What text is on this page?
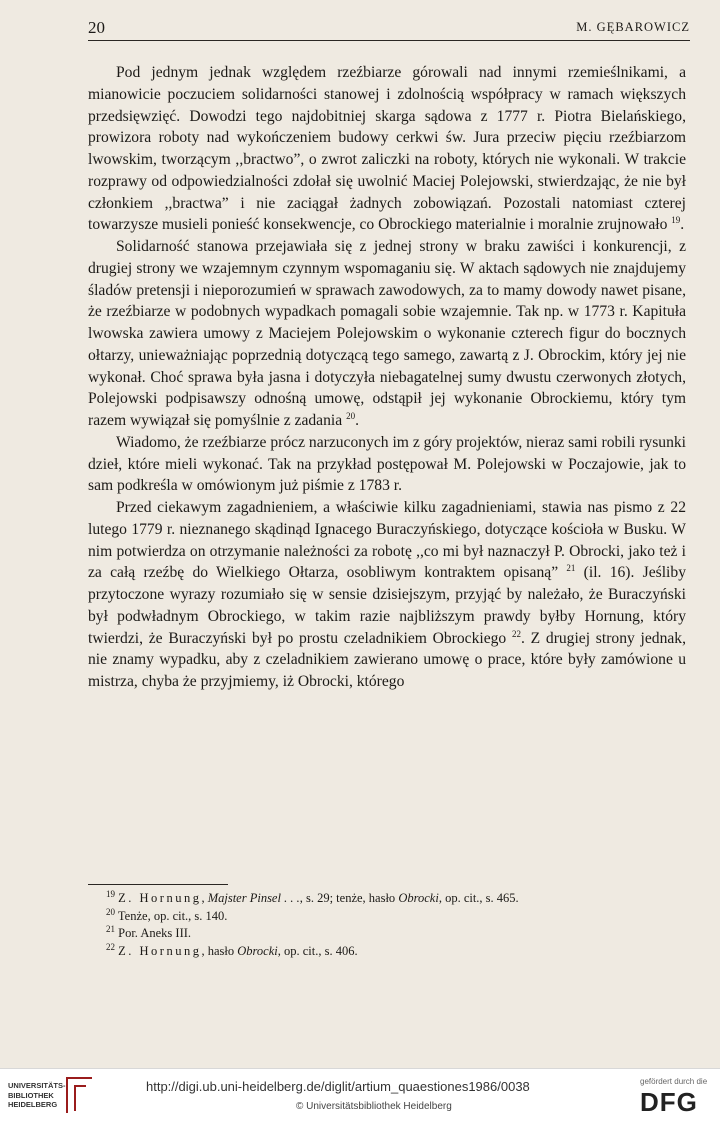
20	M. GĘBAROWICZ

Pod jednym jednak względem rzeźbiarze górowali nad innymi rzemieślnikami, a mianowicie poczuciem solidarności stanowej i zdolnością współpracy w ramach większych przedsięwzięć. Dowodzi tego najdobitniej skarga sądowa z 1777 r. Piotra Bielańskiego, prowizora roboty nad wykończeniem budowy cerkwi św. Jura przeciw pięciu rzeźbiarzom lwowskim, tworzącym ,,bractwo”, o zwrot zaliczki na roboty, których nie wykonali. W trakcie rozprawy od odpowiedzialności zdołał się uwolnić Maciej Polejowski, stwierdzając, że nie był członkiem ,,bractwa” i nie zaciągał żadnych zobowiązań. Pozostali natomiast czterej towarzysze musieli ponieść konsekwencje, co Obrockiego materialnie i moralnie zrujnowało $^{19}$.

Solidarność stanowa przejawiała się z jednej strony w braku zawiści i konkurencji, z drugiej strony we wzajemnym czynnym wspomaganiu się. W aktach sądowych nie znajdujemy śladów pretensji i nieporozumień w sprawach zawodowych, za to mamy dowody nawet pisane, że rzeźbiarze w podobnych wypadkach pomagali sobie wzajemnie. Tak np. w 1773 r. Kapituła lwowska zawiera umowy z Maciejem Polejowskim o wykonanie czterech figur do bocznych ołtarzy, unieważniając poprzednią dotyczącą tego samego, zawartą z J. Obrockim, który jej nie wykonał. Choć sprawa była jasna i dotyczyła niebagatelnej sumy dwustu czerwonych złotych, Polejowski podpisawszy odnośną umowę, odstąpił jej wykonanie Obrockiemu, który tym razem wywiązał się pomyślnie z zadania $^{20}$.

Wiadomo, że rzeźbiarze prócz narzuconych im z góry projektów, nieraz sami robili rysunki dzieł, które mieli wykonać. Tak na przykład postępował M. Polejowski w Poczajowie, jak to sam podkreśla w omówionym już piśmie z 1783 r.

Przed ciekawym zagadnieniem, a właściwie kilku zagadnieniami, stawia nas pismo z 22 lutego 1779 r. nieznanego skądinąd Ignacego Buraczyńskiego, dotyczące kościoła w Busku. W nim potwierdza on otrzymanie należności za robotę ,,co mi był naznaczył P. Obrocki, jako też i za całą rzeźbę do Wielkiego Ołtarza, osobliwym kontraktem opisaną” $^{21}$ (il. 16). Jeśliby przytoczone wyrazy rozumiało się w sensie dzisiejszym, przyjąć by należało, że Buraczyński był podwładnym Obrockiego, w takim razie najbliższym prawdy byłby Hornung, który twierdzi, że Buraczyński był po prostu czeladnikiem Obrockiego $^{22}$. Z drugiej strony jednak, nie znamy wypadku, aby z czeladnikiem zawierano umowę o prace, które były zamówione u mistrza, chyba że przyjmiemy, iż Obrocki, którego

$^{19}$ Z. Hornung, Majster Pinsel . . ., s. 29; tenże, hasło Obrocki, op. cit., s. 465.
$^{20}$ Tenże, op. cit., s. 140.
$^{21}$ Por. Aneks III.
$^{22}$ Z. Hornung, hasło Obrocki, op. cit., s. 406.
UNIVERSITÄTS-
BIBLIOTHEK
HEIDELBERG
http://digi.ub.uni-heidelberg.de/diglit/artium_quaestiones1986/0038
© Universitätsbibliothek Heidelberg
gefördert durch die
DFG
